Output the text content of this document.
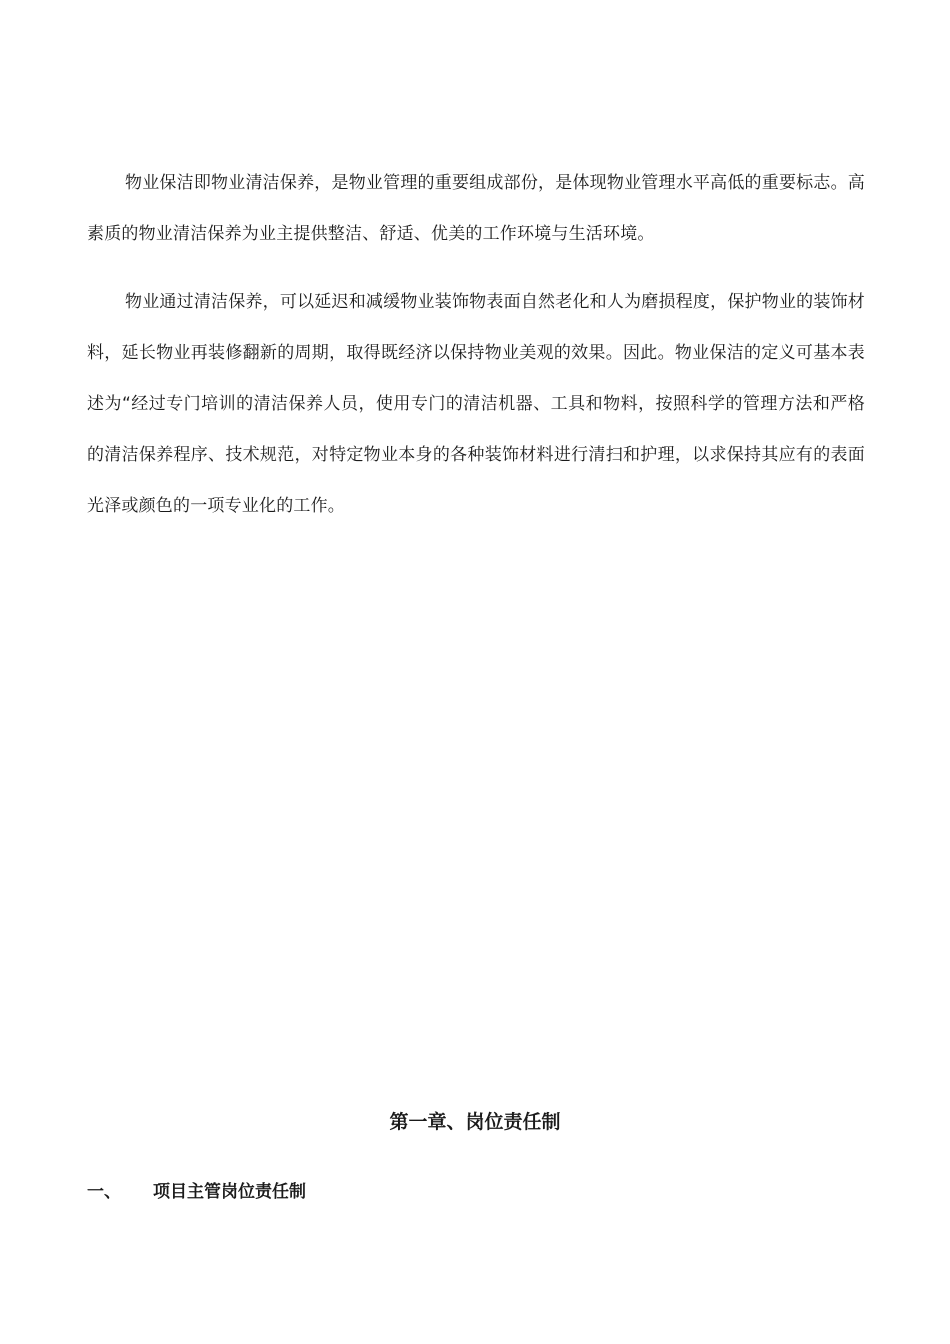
物业保洁即物业清洁保养，是物业管理的重要组成部份，是体现物业管理水平高低的重要标志。高素质的物业清洁保养为业主提供整洁、舒适、优美的工作环境与生活环境。

物业通过清洁保养，可以延迟和减缓物业装饰物表面自然老化和人为磨损程度，保护物业的装饰材料，延长物业再装修翻新的周期，取得既经济以保持物业美观的效果。因此。物业保洁的定义可基本表述为“经过专门培训的清洁保养人员，使用专门的清洁机器、工具和物料，按照科学的管理方法和严格的清洁保养程序、技术规范，对特定物业本身的各种装饰材料进行清扫和护理，以求保持其应有的表面光泽或颜色的一项专业化的工作。

第一章、岗位责任制
一、 项目主管岗位责任制
